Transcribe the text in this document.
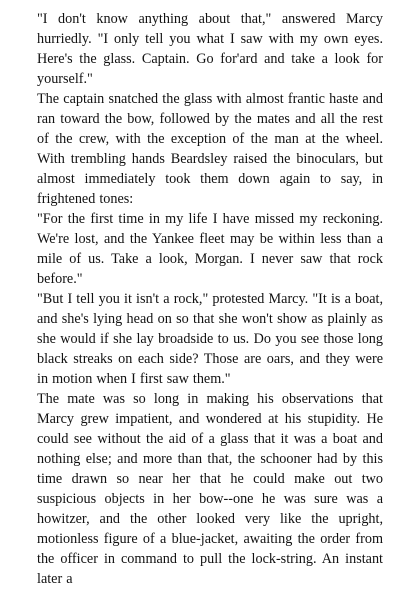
"I don't know anything about that," answered Marcy hurriedly. "I only tell you what I saw with my own eyes. Here's the glass. Captain. Go for'ard and take a look for yourself."

The captain snatched the glass with almost frantic haste and ran toward the bow, followed by the mates and all the rest of the crew, with the exception of the man at the wheel. With trembling hands Beardsley raised the binoculars, but almost immediately took them down again to say, in frightened tones:

"For the first time in my life I have missed my reckoning. We're lost, and the Yankee fleet may be within less than a mile of us. Take a look, Morgan. I never saw that rock before."

"But I tell you it isn't a rock," protested Marcy. "It is a boat, and she's lying head on so that she won't show as plainly as she would if she lay broadside to us. Do you see those long black streaks on each side? Those are oars, and they were in motion when I first saw them."

The mate was so long in making his observations that Marcy grew impatient, and wondered at his stupidity. He could see without the aid of a glass that it was a boat and nothing else; and more than that, the schooner had by this time drawn so near her that he could make out two suspicious objects in her bow--one he was sure was a howitzer, and the other looked very like the upright, motionless figure of a blue-jacket, awaiting the order from the officer in command to pull the lock-string. An instant later a
